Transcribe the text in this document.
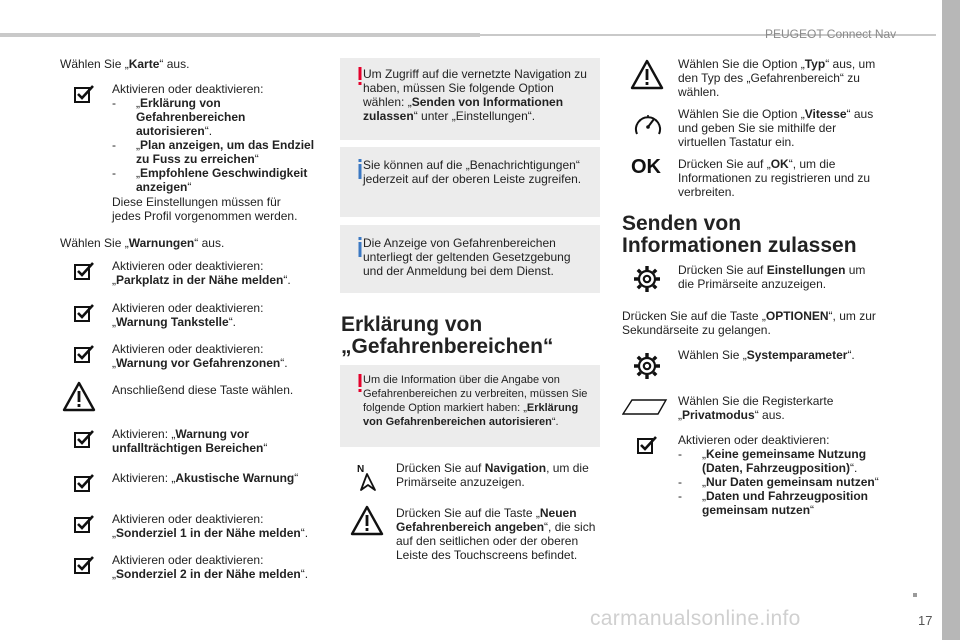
PEUGEOT Connect Nav
17
carmanualsonline.info
Wählen Sie „Karte“ aus.
Aktivieren oder deaktivieren:
- „Erklärung von Gefahrenbereichen autorisieren“.
- „Plan anzeigen, um das Endziel zu Fuss zu erreichen“
- „Empfohlene Geschwindigkeit anzeigen“
Diese Einstellungen müssen für jedes Profil vorgenommen werden.
Wählen Sie „Warnungen“ aus.
Aktivieren oder deaktivieren:
„Parkplatz in der Nähe melden“.
Aktivieren oder deaktivieren:
„Warnung Tankstelle“.
Aktivieren oder deaktivieren:
„Warnung vor Gefahrenzonen“.
Anschließend diese Taste wählen.
Aktivieren: „Warnung vor unfallträchtigen Bereichen“
Aktivieren: „Akustische Warnung“
Aktivieren oder deaktivieren:
„Sonderziel 1 in der Nähe melden“.
Aktivieren oder deaktivieren:
„Sonderziel 2 in der Nähe melden“.
Um Zugriff auf die vernetzte Navigation zu haben, müssen Sie folgende Option wählen: „Senden von Informationen zulassen“ unter „Einstellungen“.
Sie können auf die „Benachrichtigungen“ jederzeit auf der oberen Leiste zugreifen.
Die Anzeige von Gefahrenbereichen unterliegt der geltenden Gesetzgebung und der Anmeldung bei dem Dienst.
Erklärung von „Gefahrenbereichen“
Um die Information über die Angabe von Gefahrenbereichen zu verbreiten, müssen Sie folgende Option markiert haben: „Erklärung von Gefahrenbereichen autorisieren“.
N	Drücken Sie auf Navigation, um die Primärseite anzuzeigen.
Drücken Sie auf die Taste „Neuen Gefahrenbereich angeben“, die sich auf den seitlichen oder der oberen Leiste des Touchscreens befindet.
Wählen Sie die Option „Typ“ aus, um den Typ des „Gefahrenbereich“ zu wählen.
Wählen Sie die Option „Vitesse“ aus und geben Sie sie mithilfe der virtuellen Tastatur ein.
OK Drücken Sie auf „OK“, um die Informationen zu registrieren und zu verbreiten.
Senden von Informationen zulassen
Drücken Sie auf Einstellungen um die Primärseite anzuzeigen.
Drücken Sie auf die Taste „OPTIONEN“, um zur Sekundärseite zu gelangen.
Wählen Sie „Systemparameter“.
Wählen Sie die Registerkarte „Privatmodus“ aus.
Aktivieren oder deaktivieren:
- „Keine gemeinsame Nutzung (Daten, Fahrzeugposition)“.
- „Nur Daten gemeinsam nutzen“
- „Daten und Fahrzeugposition gemeinsam nutzen“
